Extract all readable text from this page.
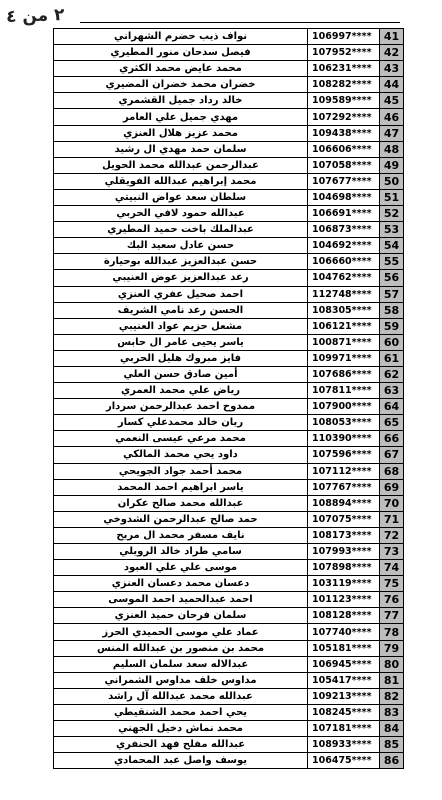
٢ من ٤
نواف ذيب حضرم الشهراني	106997****	41
فيصل سدحان منور المطيري	107952****	42
محمد عايض محمد الكثري	106231****	43
خضران محمد خضران المضيري	108282****	44
خالد رداد جميل القشمري	109589****	45
مهدي جميل علي العامر	107292****	46
محمد عزيز هلال العنزي	109438****	47
سلمان حمد مهدي ال رشيد	106606****	48
عبدالرحمن عبدالله محمد الحويل	107058****	49
محمد إبراهيم عبدالله الفويقلي	107677****	50
سلطان سعد عواض النبيتي	104698****	51
عبدالله حمود لافي الحربي	106691****	52
عبدالملك باخت حميد المطيري	106873****	53
حسن عادل سعيد البك	104692****	54
حسن عبدالعزيز عبدالله بوحيارة	106660****	55
رعد عبدالعزيز عوض العنيبي	104762****	56
احمد صحيل عفري العنزي	112748****	57
الحسن رعد نامي الشريف	108305****	58
مشعل حزيم عواد العنيبي	106121****	59
ياسر يحيى عامر ال حابس	100871****	60
فايز مبروك هليل الحربي	109971****	61
أمين صادق حسن العلي	107686****	62
رياض علي محمد العمري	107811****	63
ممدوح احمد عبدالرحمن سردار	107900****	64
ريان خالد محمدعلي كسار	108053****	65
محمد مرعي عيسى النعمي	110390****	66
داود يحي محمد المالكي	107596****	67
محمد أحمد جواد الجويحي	107112****	68
ياسر ابراهيم احمد المحمد	107767****	69
عبدالله محمد صالح عكران	108894****	70
حمد صالح عبدالرحمن الشدوخي	107075****	71
نايف مسفر محمد ال مريح	108173****	72
سامي طراد خالد الرويلي	107993****	73
موسى علي علي العبود	107898****	74
دعسان محمد دعسان العنزي	103119****	75
احمد عبدالحميد احمد الموسى	101123****	76
سلمان فرحان حميد العنزي	108128****	77
عماد علي موسى الحميدي الحرز	107740****	78
محمد بن منصور بن عبدالله المنس	105181****	79
عبدالاله سعد سلمان السليم	106945****	80
مداوس خلف مداوس الشمراني	105417****	81
عبدالله محمد عبدالله آل راشد	109213****	82
يحي احمد محمد الشنقيطي	108245****	83
محمد نماش دخيل الجهني	107181****	84
عبدالله مفلح فهد الحنفري	108933****	85
يوسف واصل عبد المحمادي	106475****	86
